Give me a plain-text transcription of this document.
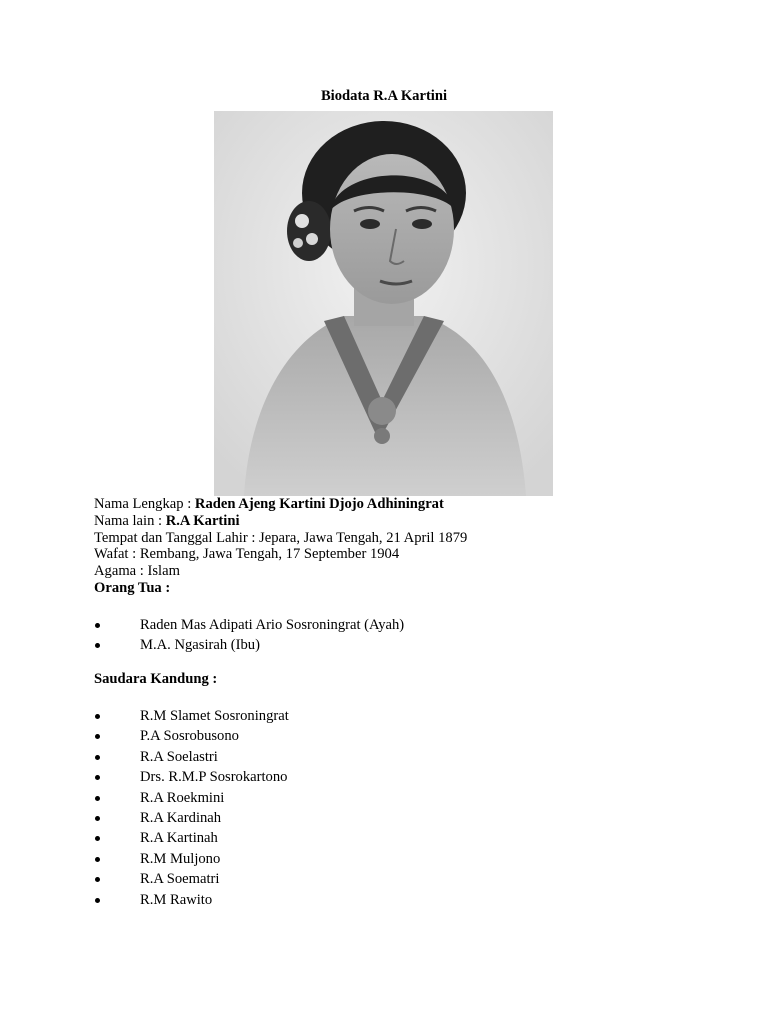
Biodata R.A Kartini
Nama Lengkap : Raden Ajeng Kartini Djojo Adhiningrat
Nama lain : R.A Kartini
Tempat dan Tanggal Lahir : Jepara, Jawa Tengah, 21 April 1879
Wafat : Rembang, Jawa Tengah, 17 September 1904
Agama : Islam
Orang Tua :
Raden Mas Adipati Ario Sosroningrat (Ayah)
M.A. Ngasirah (Ibu)
Saudara Kandung :
R.M Slamet Sosroningrat
P.A Sosrobusono
R.A Soelastri
Drs. R.M.P Sosrokartono
R.A Roekmini
R.A Kardinah
R.A Kartinah
R.M Muljono
R.A Soematri
R.M Rawito
